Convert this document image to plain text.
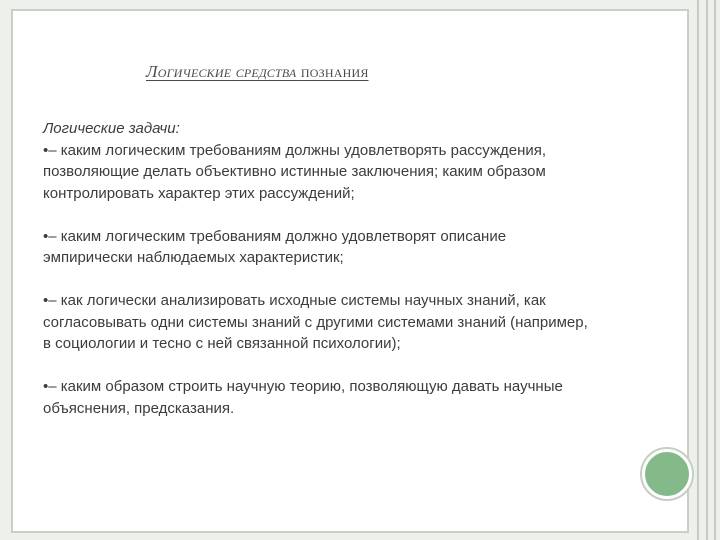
Логические средства познания
Логические задачи:
•– каким логическим требованиям должны удовлетворять рассуждения,
позволяющие делать объективно истинные заключения; каким образом
контролировать характер этих рассуждений;
•– каким логическим требованиям должно удовлетворят описание
эмпирически наблюдаемых характеристик;
•– как логически анализировать исходные системы научных знаний, как
согласовывать одни системы знаний с другими системами знаний (например,
в социологии и тесно с ней связанной психологии);
•– каким образом строить научную теорию, позволяющую давать научные
объяснения, предсказания.
